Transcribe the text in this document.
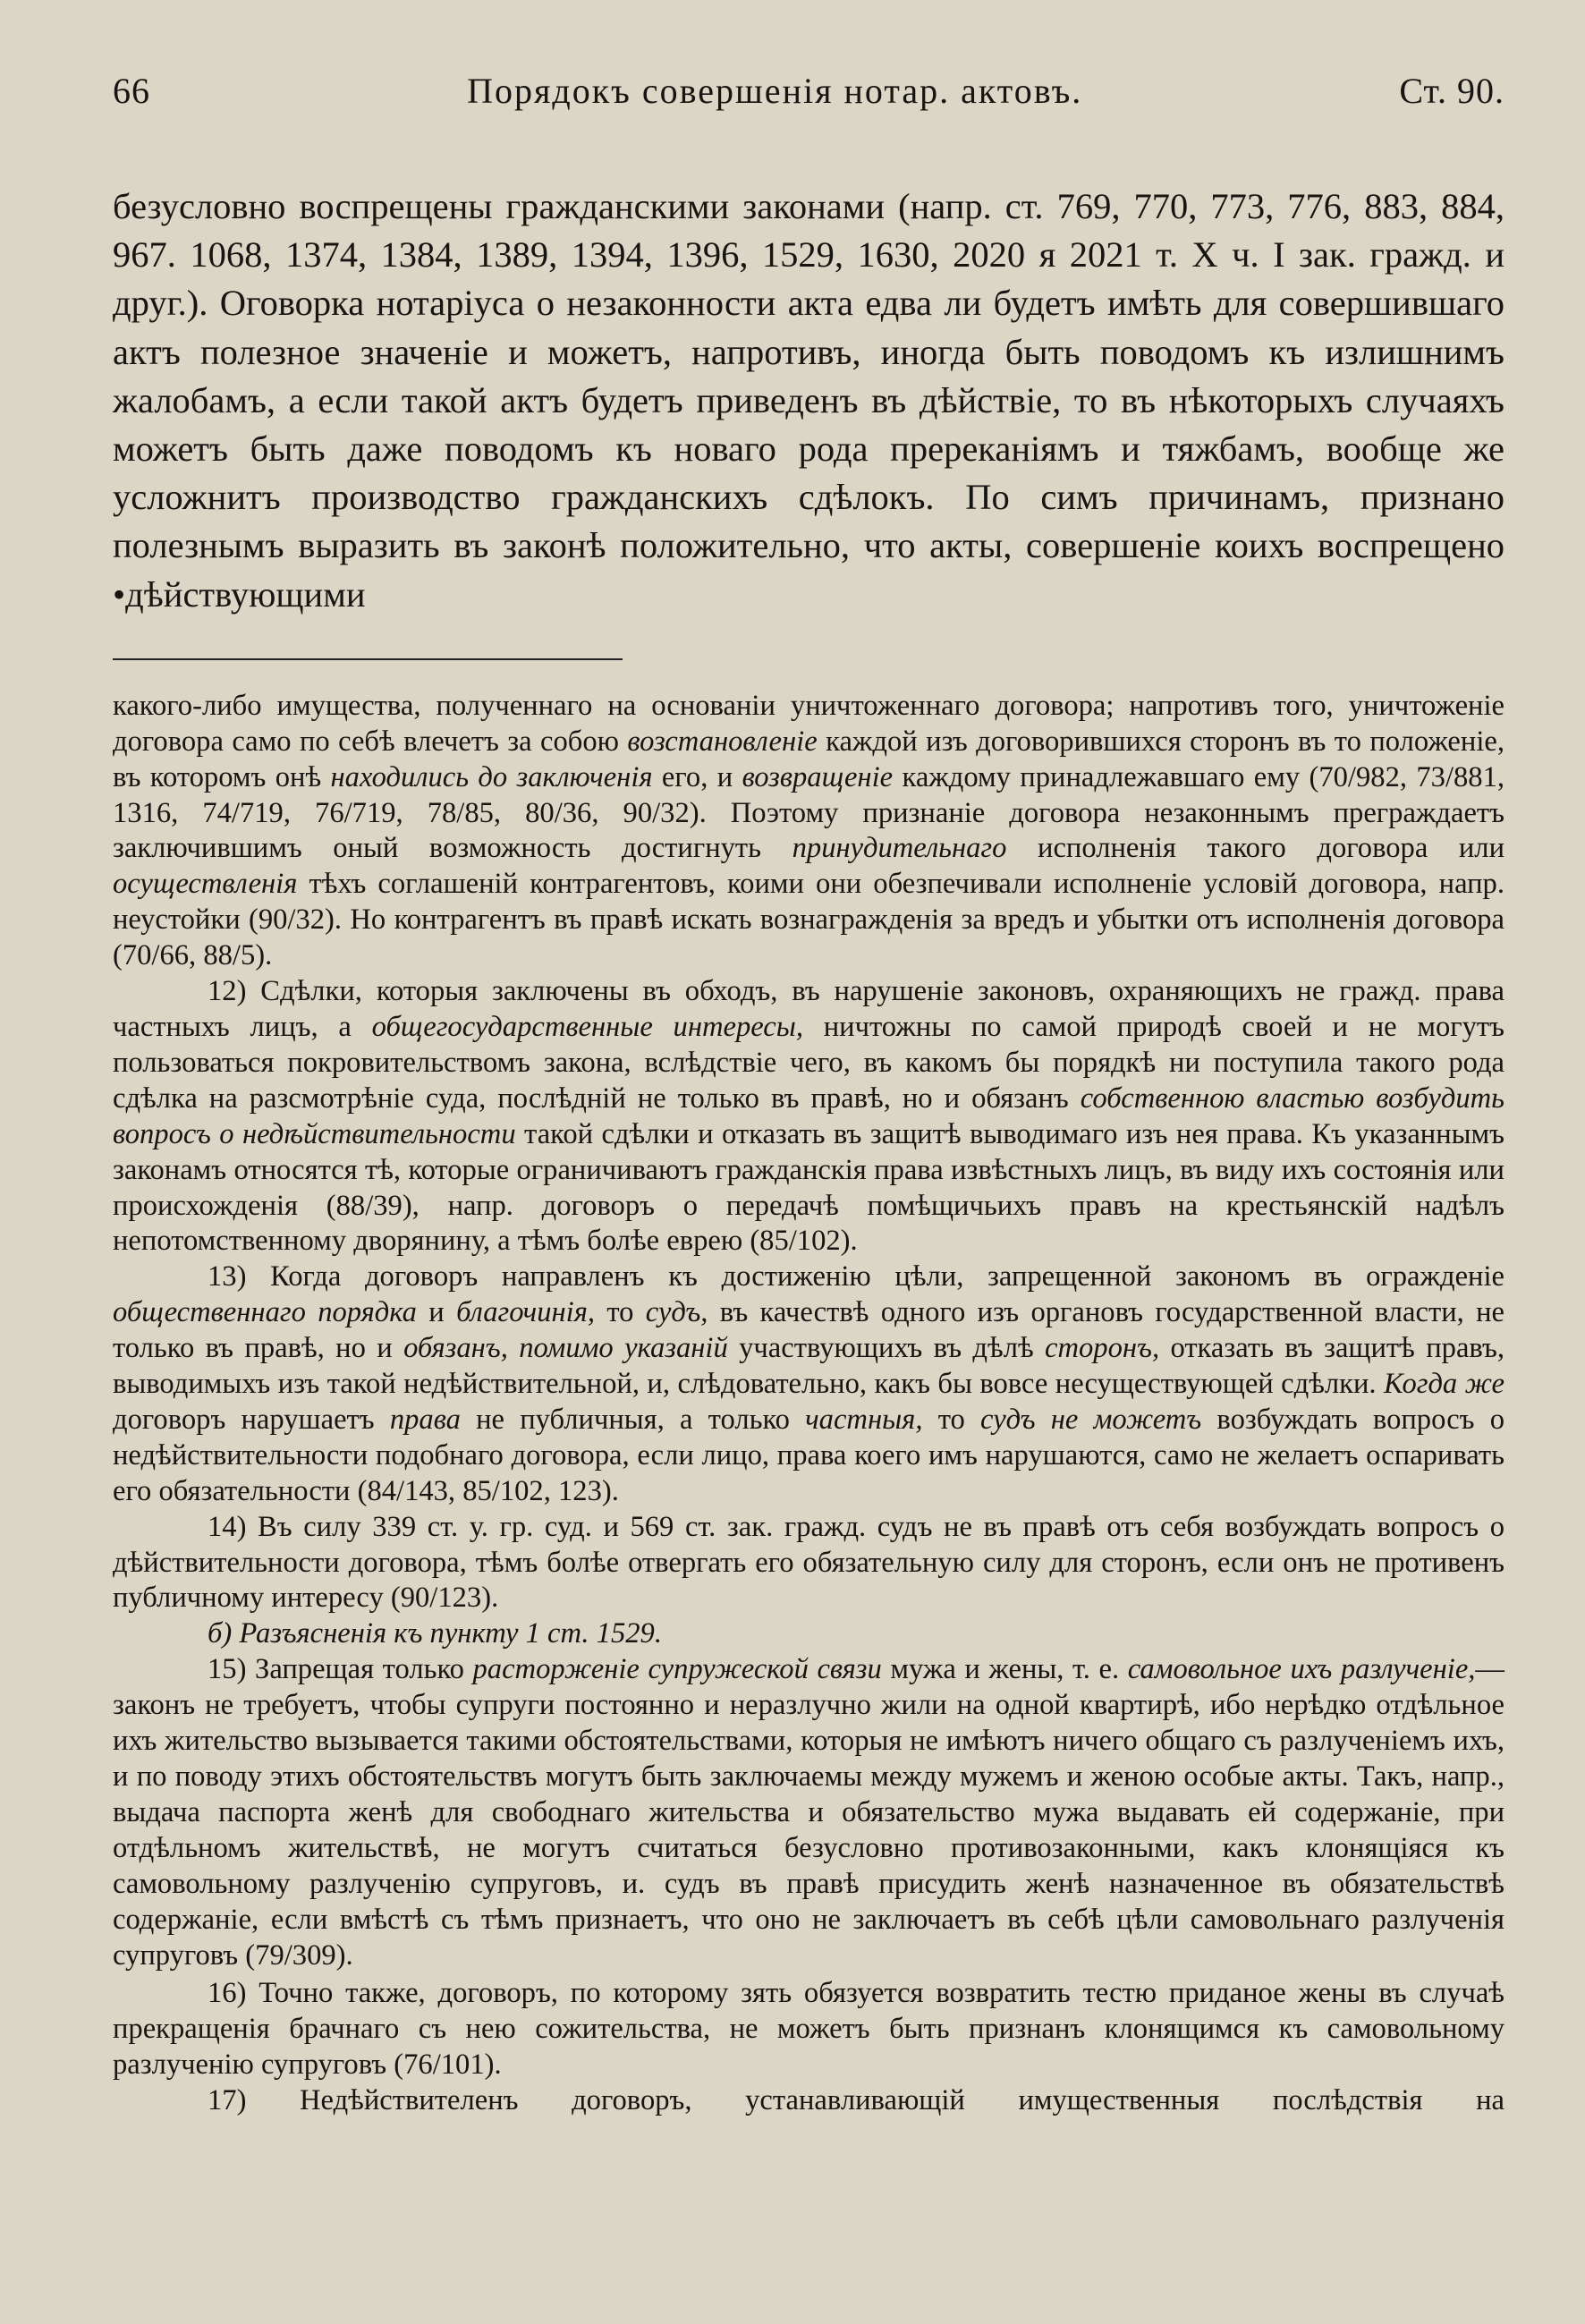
66	Порядокъ совершенія нотар. актовъ.	Ст. 90.

безусловно воспрещены гражданскими законами (напр. ст. 769, 770, 773, 776, 883, 884, 967. 1068, 1374, 1384, 1389, 1394, 1396, 1529, 1630, 2020 я 2021 т. X ч. I зак. гражд. и друг.). Оговорка нотаріуса о незаконности акта едва ли будетъ имѣть для совершившаго актъ полезное значеніе и можетъ, напротивъ, иногда быть поводомъ къ излишнимъ жалобамъ, а если такой актъ будетъ приведенъ въ дѣйствіе, то въ нѣкоторыхъ случаяхъ можетъ быть даже поводомъ къ новаго рода пререканіямъ и тяжбамъ, вообще же усложнитъ производство гражданскихъ сдѣлокъ. По симъ причинамъ, признано полезнымъ выразить въ законѣ положительно, что акты, совершеніе коихъ воспрещено •дѣйствующими

какого-либо имущества, полученнаго на основаніи уничтоженнаго договора; напротивъ того, уничтоженіе договора само по себѣ влечетъ за собою возстановленіе каждой изъ договорившихся сторонъ въ то положеніе, въ которомъ онѣ находились до заключенія его, и возвращеніе каждому принадлежавшаго ему (70/982, 73/881, 1316, 74/719, 76/719, 78/85, 80/36, 90/32). Поэтому признаніе договора незаконнымъ преграждаетъ заключившимъ оный возможность достигнуть принудительнаго исполненія такого договора или осуществленія тѣхъ соглашеній контрагентовъ, коими они обезпечивали исполненіе условій договора, напр. неустойки (90/32). Но контрагентъ въ правѣ искать вознагражденія за вредъ и убытки отъ исполненія договора (70/66, 88/5).

12) Сдѣлки, которыя заключены въ обходъ, въ нарушеніе законовъ, охраняющихъ не гражд. права частныхъ лицъ, а общегосударственные интересы, ничтожны по самой природѣ своей и не могутъ пользоваться покровительствомъ закона, вслѣдствіе чего, въ какомъ бы порядкѣ ни поступила такого рода сдѣлка на разсмотрѣніе суда, послѣдній не только въ правѣ, но и обязанъ собственною властью возбудить вопросъ о недѣйствительности такой сдѣлки и отказать въ защитѣ выводимаго изъ нея права. Къ указаннымъ законамъ относятся тѣ, которые ограничиваютъ гражданскія права извѣстныхъ лицъ, въ виду ихъ состоянія или происхожденія (88/39), напр. договоръ о передачѣ помѣщичьихъ правъ на крестьянскій надѣлъ непотомственному дворянину, а тѣмъ болѣе еврею (85/102).

13) Когда договоръ направленъ къ достиженію цѣли, запрещенной закономъ въ огражденіе общественнаго порядка и благочинія, то судъ, въ качествѣ одного изъ органовъ государственной власти, не только въ правѣ, но и обязанъ, помимо указаній участвующихъ въ дѣлѣ сторонъ, отказать въ защитѣ правъ, выводимыхъ изъ такой недѣйствительной, и, слѣдовательно, какъ бы вовсе несуществующей сдѣлки. Когда же договоръ нарушаетъ права не публичныя, а только частныя, то судъ не можетъ возбуждать вопросъ о недѣйствительности подобнаго договора, если лицо, права коего имъ нарушаются, само не желаетъ оспаривать его обязательности (84/143, 85/102, 123).

14) Въ силу 339 ст. у. гр. суд. и 569 ст. зак. гражд. судъ не въ правѣ отъ себя возбуждать вопросъ о дѣйствительности договора, тѣмъ болѣе отвергать его обязательную силу для сторонъ, если онъ не противенъ публичному интересу (90/123).

б) Разъясненія къ пункту 1 ст. 1529.

15) Запрещая только расторженіе супружеской связи мужа и жены, т. е. самовольное ихъ разлученіе,—законъ не требуетъ, чтобы супруги постоянно и неразлучно жили на одной квартирѣ, ибо нерѣдко отдѣльное ихъ жительство вызывается такими обстоятельствами, которыя не имѣютъ ничего общаго съ разлученіемъ ихъ, и по поводу этихъ обстоятельствъ могутъ быть заключаемы между мужемъ и женою особые акты. Такъ, напр., выдача паспорта женѣ для свободнаго жительства и обязательство мужа выдавать ей содержаніе, при отдѣльномъ жительствѣ, не могутъ считаться безусловно противозаконными, какъ клонящіяся къ самовольному разлученію супруговъ, и. судъ въ правѣ присудить женѣ назначенное въ обязательствѣ содержаніе, если вмѣстѣ съ тѣмъ признаетъ, что оно не заключаетъ въ себѣ цѣли самовольнаго разлученія супруговъ (79/309).

16) Точно также, договоръ, по которому зять обязуется возвратить тестю приданое жены въ случаѣ прекращенія брачнаго съ нею сожительства, не можетъ быть признанъ клонящимся къ самовольному разлученію супруговъ (76/101).

17) Недѣйствителенъ договоръ, устанавливающій имущественныя послѣдствія на
